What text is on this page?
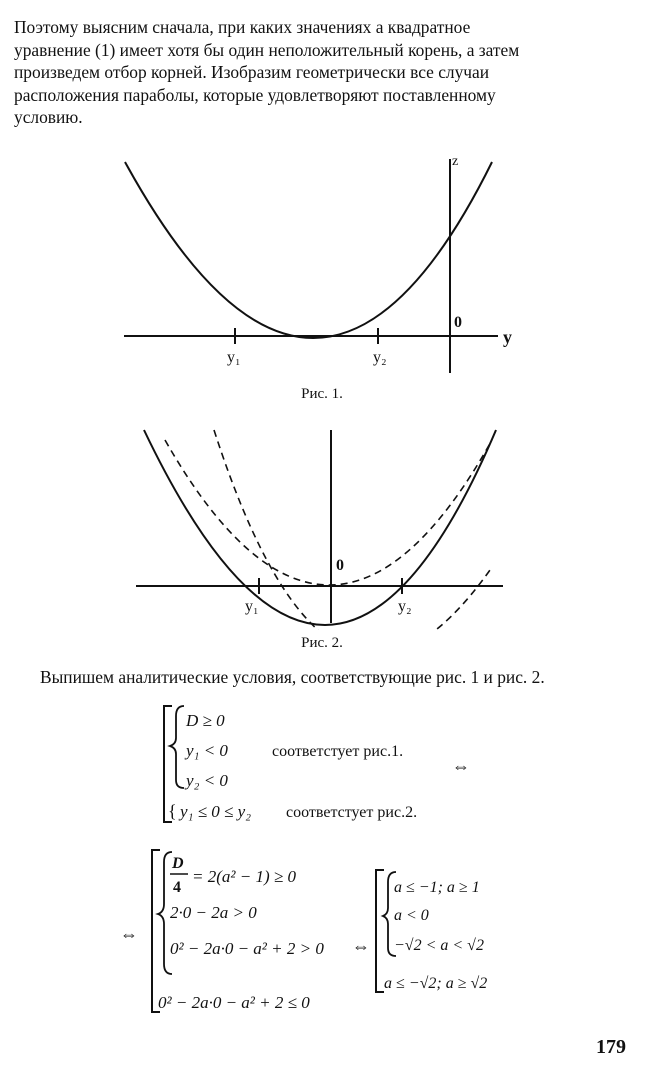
Поэтому выясним сначала, при каких значениях a квадратное
уравнение (1) имеет хотя бы один неположительный корень, а затем
произведем отбор корней. Изобразим геометрически все случаи
расположения параболы, которые удовлетворяют поставленному
условию.
z
y
0
y₁	y₂
Рис. 1.
0
y₁	y₂
Рис. 2.
Выпишем аналитические условия, соответствующие рис. 1 и рис. 2.
D ≥ 0
y₁ < 0
y₂ < 0
соответстует рис.1.
⇔
{ y₁ ≤ 0 ≤ y₂ соответстует рис.2.
⇔
D
4
= 2(a² − 1) ≥ 0
2·0 − 2a > 0
0² − 2a·0 − a² + 2 > 0
0² − 2a·0 − a² + 2 ≤ 0
⇔
a ≤ −1; a ≥ 1
a < 0
−√2 < a < √2
a ≤ −√2; a ≥ √2
179
